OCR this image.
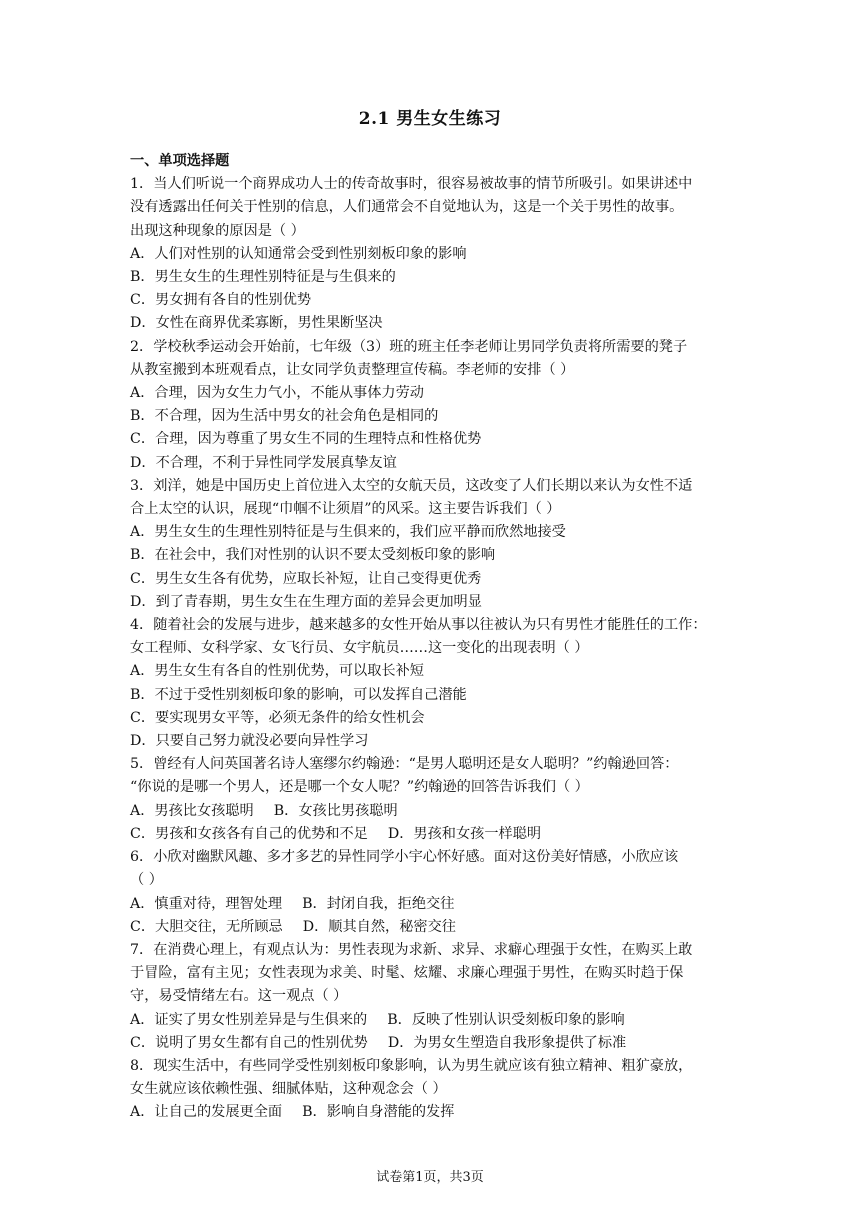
2.1 男生女生练习

一、单项选择题

1．当人们听说一个商界成功人士的传奇故事时，很容易被故事的情节所吸引。如果讲述中

没有透露出任何关于性别的信息，人们通常会不自觉地认为，这是一个关于男性的故事。

出现这种现象的原因是（ ）

A．人们对性别的认知通常会受到性别刻板印象的影响

B．男生女生的生理性别特征是与生俱来的

C．男女拥有各自的性别优势

D．女性在商界优柔寡断，男性果断坚决

2．学校秋季运动会开始前，七年级（3）班的班主任李老师让男同学负责将所需要的凳子

从教室搬到本班观看点，让女同学负责整理宣传稿。李老师的安排（ ）

A．合理，因为女生力气小，不能从事体力劳动

B．不合理，因为生活中男女的社会角色是相同的

C．合理，因为尊重了男女生不同的生理特点和性格优势

D．不合理，不利于异性同学发展真挚友谊

3．刘洋，她是中国历史上首位进入太空的女航天员，这改变了人们长期以来认为女性不适

合上太空的认识，展现“巾帼不让须眉”的风采。这主要告诉我们（ ）

A．男生女生的生理性别特征是与生俱来的，我们应平静而欣然地接受

B．在社会中，我们对性别的认识不要太受刻板印象的影响

C．男生女生各有优势，应取长补短，让自己变得更优秀

D．到了青春期，男生女生在生理方面的差异会更加明显

4．随着社会的发展与进步，越来越多的女性开始从事以往被认为只有男性才能胜任的工作：

女工程师、女科学家、女飞行员、女宇航员……这一变化的出现表明（ ）

A．男生女生有各自的性别优势，可以取长补短

B．不过于受性别刻板印象的影响，可以发挥自己潜能

C．要实现男女平等，必须无条件的给女性机会

D．只要自己努力就没必要向异性学习

5．曾经有人问英国著名诗人塞缪尔约翰逊：“是男人聪明还是女人聪明？”约翰逊回答：

“你说的是哪一个男人，还是哪一个女人呢？”约翰逊的回答告诉我们（ ）

A．男孩比女孩聪明 B．女孩比男孩聪明

C．男孩和女孩各有自己的优势和不足 D．男孩和女孩一样聪明

6．小欣对幽默风趣、多才多艺的异性同学小宇心怀好感。面对这份美好情感，小欣应该

（ ）

A．慎重对待，理智处理 B．封闭自我，拒绝交往

C．大胆交往，无所顾忌 D．顺其自然，秘密交往

7．在消费心理上，有观点认为：男性表现为求新、求异、求癖心理强于女性，在购买上敢

于冒险，富有主见；女性表现为求美、时髦、炫耀、求廉心理强于男性，在购买时趋于保

守，易受情绪左右。这一观点（ ）

A．证实了男女性别差异是与生俱来的 B．反映了性别认识受刻板印象的影响

C．说明了男女生都有自己的性别优势 D．为男女生塑造自我形象提供了标准

8．现实生活中，有些同学受性别刻板印象影响，认为男生就应该有独立精神、粗犷豪放，

女生就应该依赖性强、细腻体贴，这种观念会（ ）

A．让自己的发展更全面 B．影响自身潜能的发挥

试卷第1页，共3页
